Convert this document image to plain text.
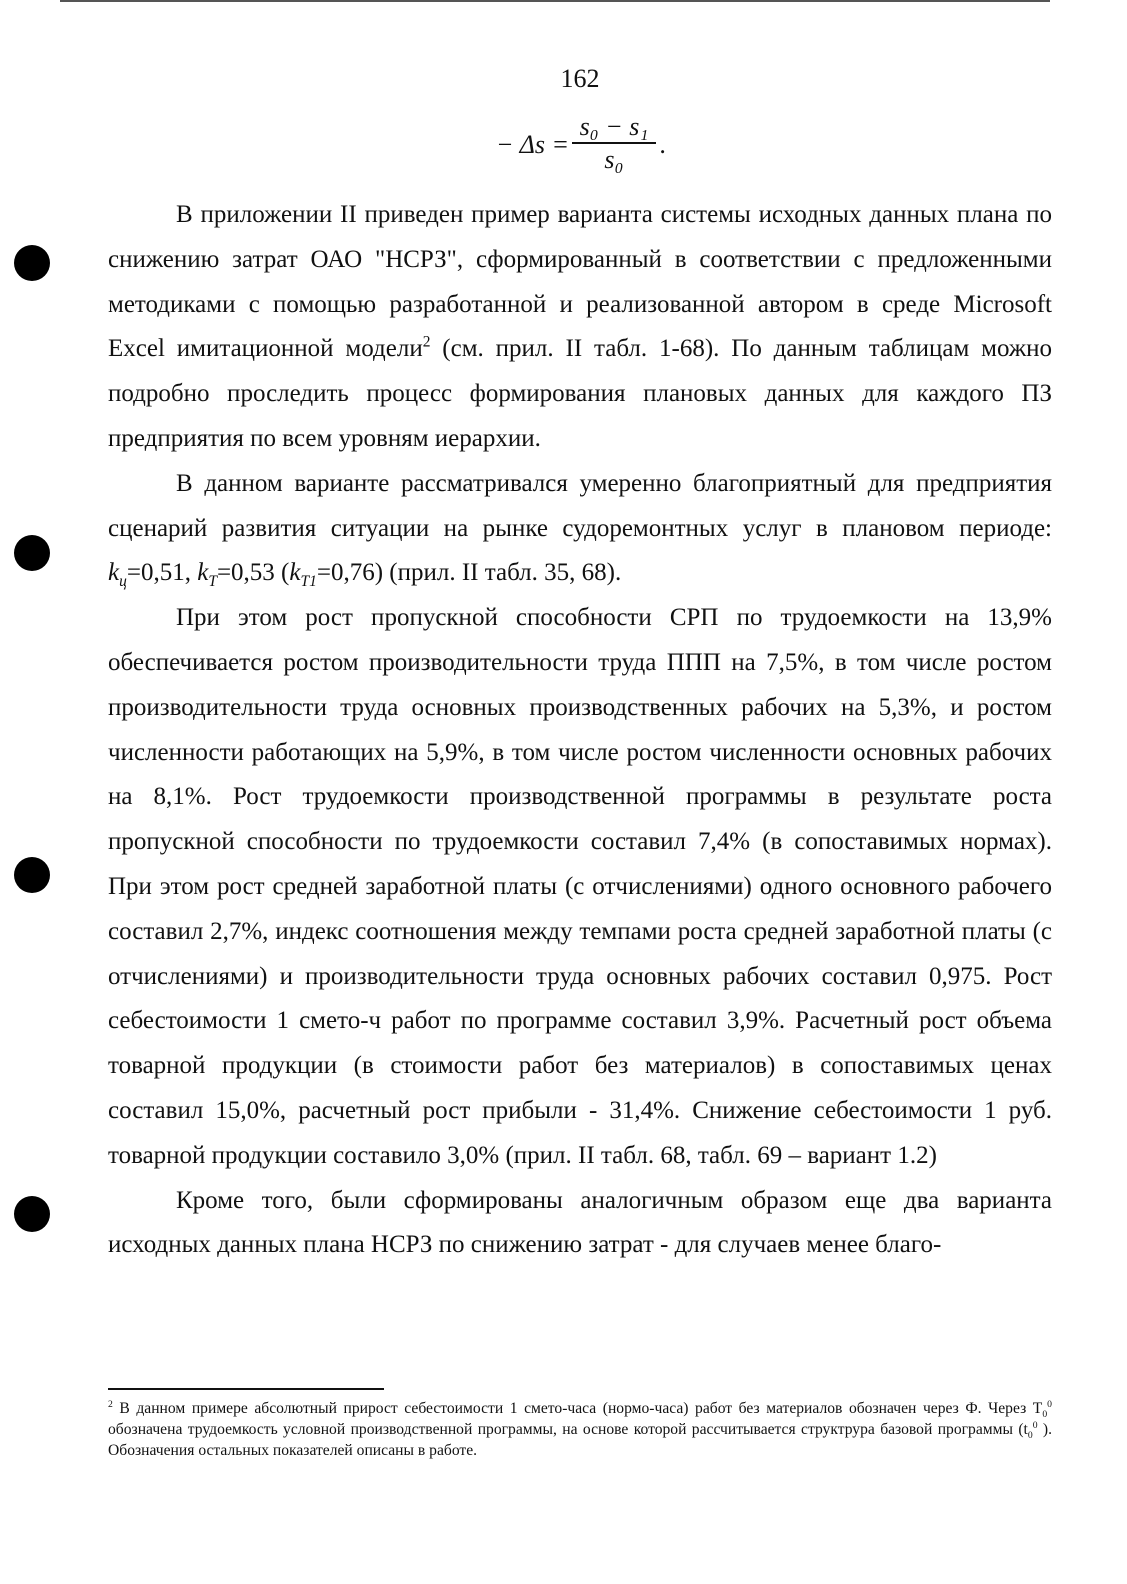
162
− Δs =
s₀ − s₁
s₀
.

В приложении II приведен пример варианта системы исходных данных плана по снижению затрат ОАО "НСРЗ", сформированный в соответствии с предложенными методиками с помощью разработанной и реализованной автором в среде Microsoft Excel имитационной модели$^2$ (см. прил. II табл. 1-68). По данным таблицам можно подробно проследить процесс формирования плановых данных для каждого ПЗ предприятия по всем уровням иерархии.

В данном варианте рассматривался умеренно благоприятный для предприятия сценарий развития ситуации на рынке судоремонтных услуг в плановом периоде: $k_ц=0,51$, $k_T=0,53$ $(k_{T1}=0,76)$ (прил. II табл. 35, 68).

При этом рост пропускной способности СРП по трудоемкости на 13,9% обеспечивается ростом производительности труда ППП на 7,5%, в том числе ростом производительности труда основных производственных рабочих на 5,3%, и ростом численности работающих на 5,9%, в том числе ростом численности основных рабочих на 8,1%. Рост трудоемкости производственной программы в результате роста пропускной способности по трудоемкости составил 7,4% (в сопоставимых нормах). При этом рост средней заработной платы (с отчислениями) одного основного рабочего составил 2,7%, индекс соотношения между темпами роста средней заработной платы (с отчислениями) и производительности труда основных рабочих составил 0,975. Рост себестоимости 1 смето-ч работ по программе составил 3,9%. Расчетный рост объема товарной продукции (в стоимости работ без материалов) в сопоставимых ценах составил 15,0%, расчетный рост прибыли - 31,4%. Снижение себестоимости 1 руб. товарной продукции составило 3,0% (прил. II табл. 68, табл. 69 – вариант 1.2)

Кроме того, были сформированы аналогичным образом еще два варианта исходных данных плана НСРЗ по снижению затрат - для случаев менее благо-

$^2$ В данном примере абсолютный прирост себестоимости 1 смето-часа (нормо-часа) работ без материалов обозначен через Ф. Через $Т_0^0$ обозначена трудоемкость условной производственной программы, на основе которой рассчитывается структрура базовой программы ($t_0^0$ ). Обозначения остальных показателей описаны в работе.
